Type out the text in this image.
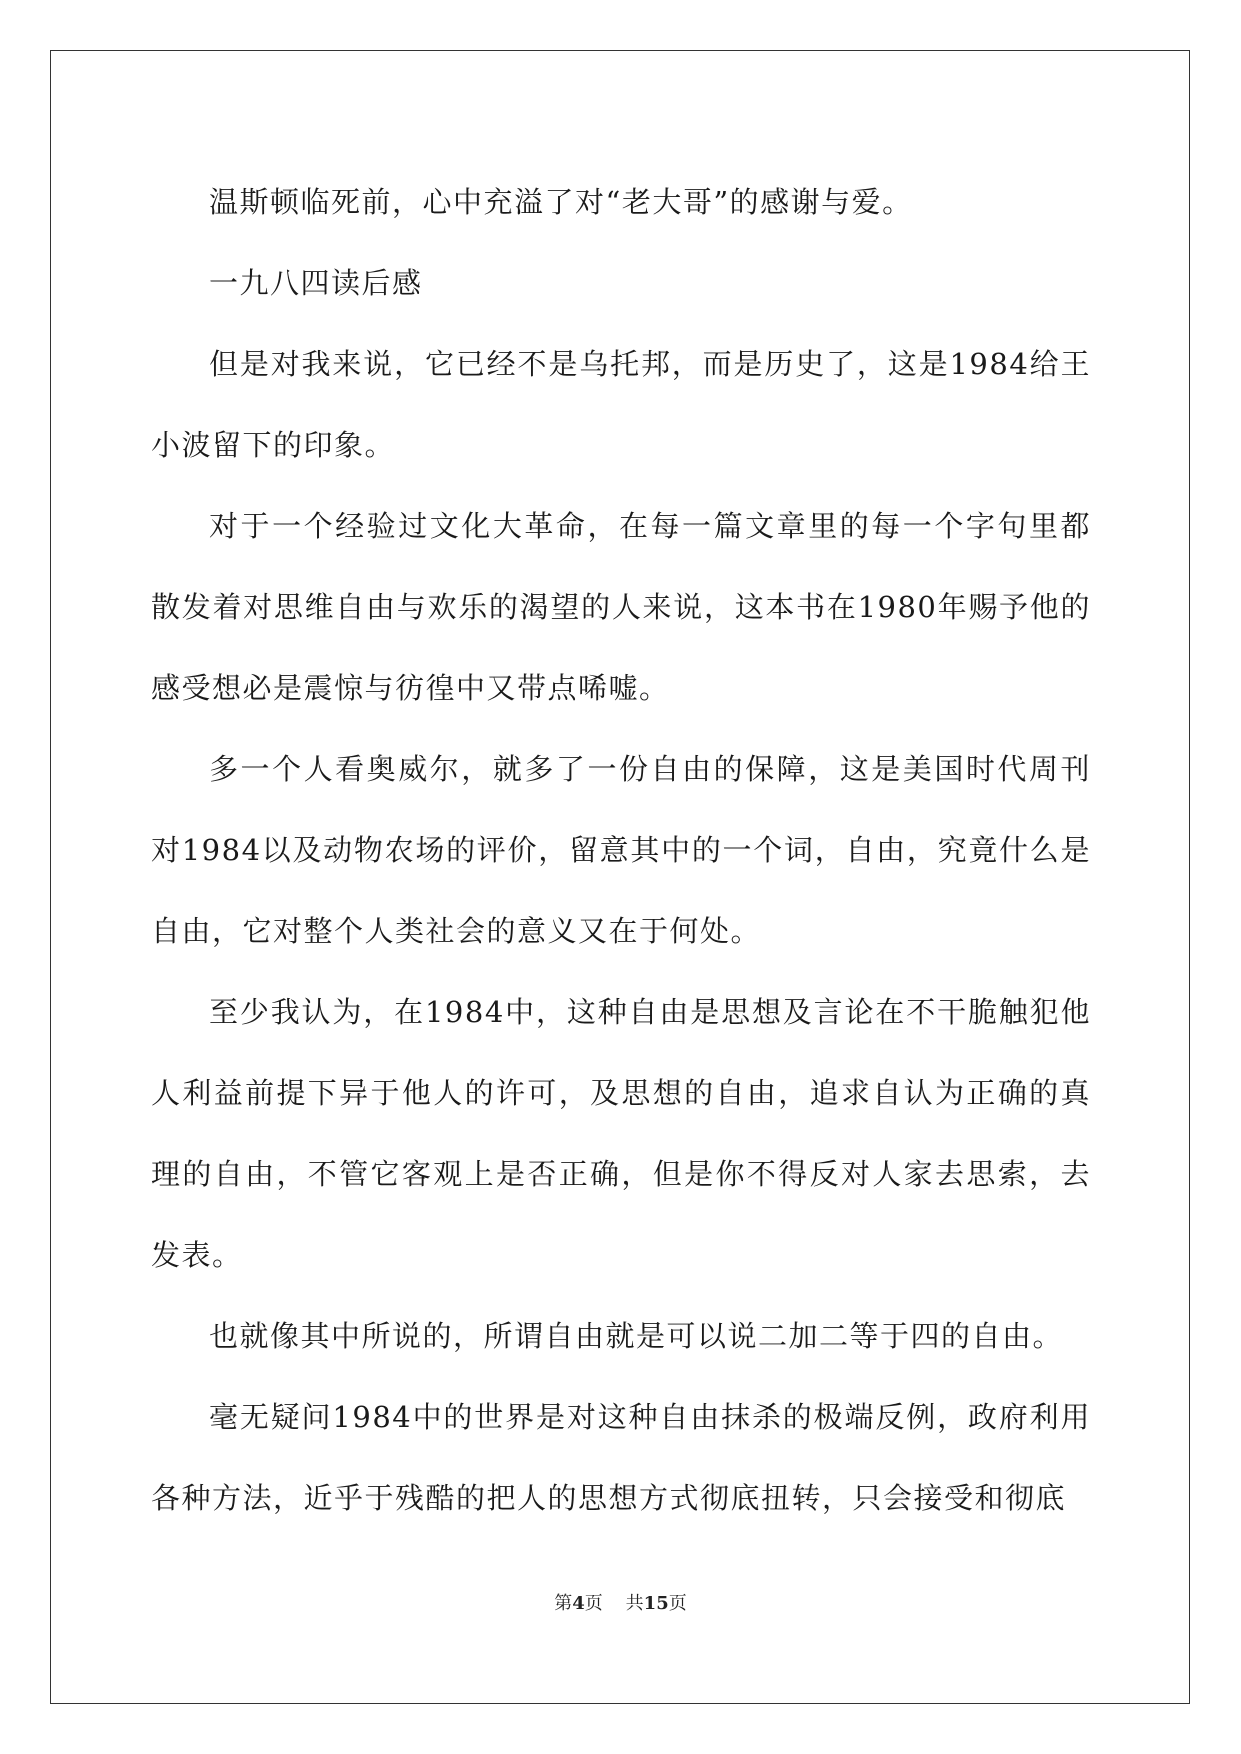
温斯顿临死前，心中充溢了对“老大哥”的感谢与爱。

一九八四读后感

但是对我来说，它已经不是乌托邦，而是历史了，这是1984给王小波留下的印象。

对于一个经验过文化大革命，在每一篇文章里的每一个字句里都散发着对思维自由与欢乐的渴望的人来说，这本书在1980年赐予他的感受想必是震惊与彷徨中又带点唏嘘。

多一个人看奥威尔，就多了一份自由的保障，这是美国时代周刊对1984以及动物农场的评价，留意其中的一个词，自由，究竟什么是自由，它对整个人类社会的意义又在于何处。

至少我认为，在1984中，这种自由是思想及言论在不干脆触犯他人利益前提下异于他人的许可，及思想的自由，追求自认为正确的真理的自由，不管它客观上是否正确，但是你不得反对人家去思索，去发表。

也就像其中所说的，所谓自由就是可以说二加二等于四的自由。

毫无疑问1984中的世界是对这种自由抹杀的极端反例，政府利用各种方法，近乎于残酷的把人的思想方式彻底扭转，只会接受和彻底

第4页 共15页
